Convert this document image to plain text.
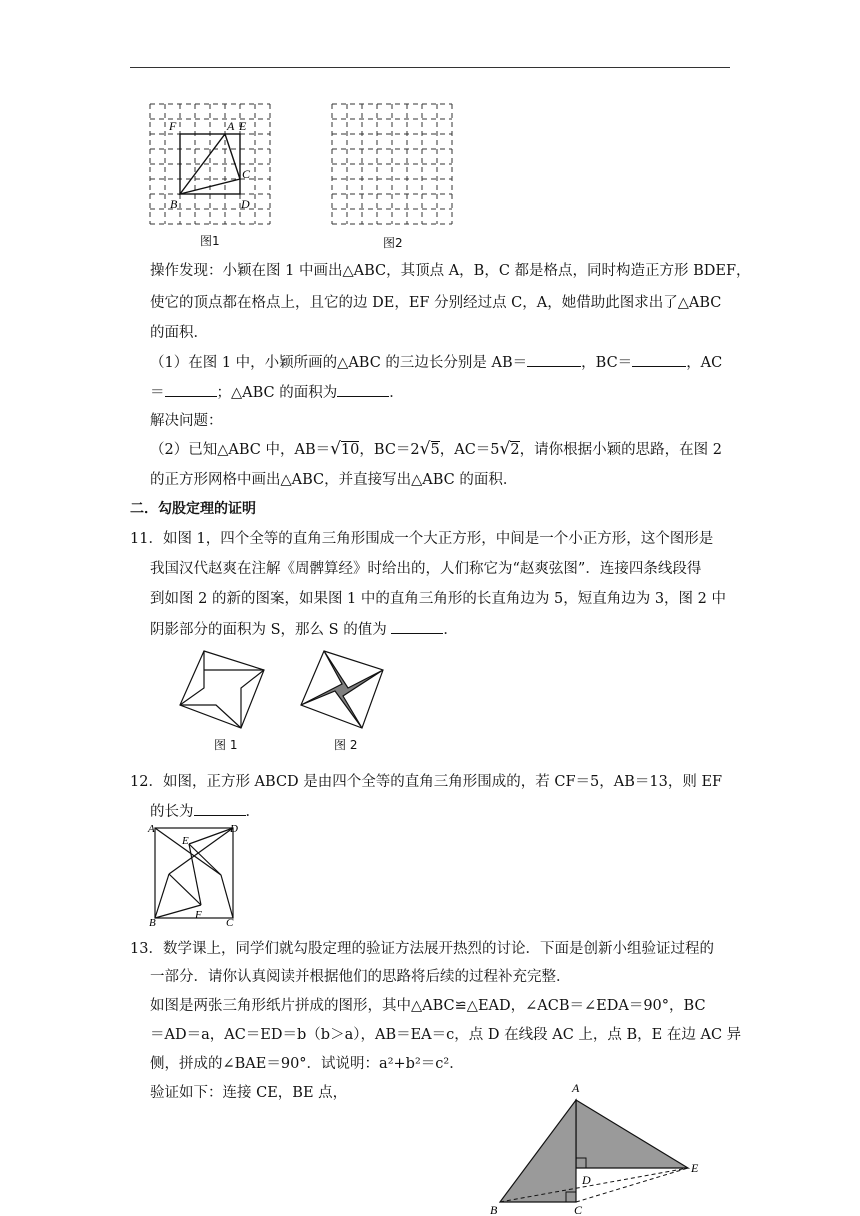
F	A E
C
B	D
图1	图2
操作发现：小颖在图 1 中画出△ABC，其顶点 A，B，C 都是格点，同时构造正方形 BDEF，
使它的顶点都在格点上，且它的边 DE，EF 分别经过点 C，A，她借助此图求出了△ABC
的面积．
（1）在图 1 中，小颖所画的△ABC 的三边长分别是 AB＝	，BC＝	，AC
＝	；△ABC 的面积为	．
解决问题：
（2）已知△ABC 中，AB＝√10，BC＝2√5，AC＝5√2，请你根据小颖的思路，在图 2
的正方形网格中画出△ABC，并直接写出△ABC 的面积．
二．勾股定理的证明
11．如图 1，四个全等的直角三角形围成一个大正方形，中间是一个小正方形，这个图形是
我国汉代赵爽在注解《周髀算经》时给出的，人们称它为“赵爽弦图”．连接四条线段得
到如图 2 的新的图案，如果图 1 中的直角三角形的长直角边为 5，短直角边为 3，图 2 中
阴影部分的面积为 S，那么 S 的值为	．
图 1	图 2
12．如图，正方形 ABCD 是由四个全等的直角三角形围成的，若 CF＝5，AB＝13，则 EF
的长为	．
A	D
E
B
F
C
13．数学课上，同学们就勾股定理的验证方法展开热烈的讨论．下面是创新小组验证过程的
一部分．请你认真阅读并根据他们的思路将后续的过程补充完整．
如图是两张三角形纸片拼成的图形，其中△ABC≌△EAD，∠ACB＝∠EDA＝90°，BC
＝AD＝a，AC＝ED＝b（b＞a），AB＝EA＝c，点 D 在线段 AC 上，点 B，E 在边 AC 异
侧，拼成的∠BAE＝90°．试说明：a²+b²＝c²．
验证如下：连接 CE，BE 点，	A
D
E
B	C
